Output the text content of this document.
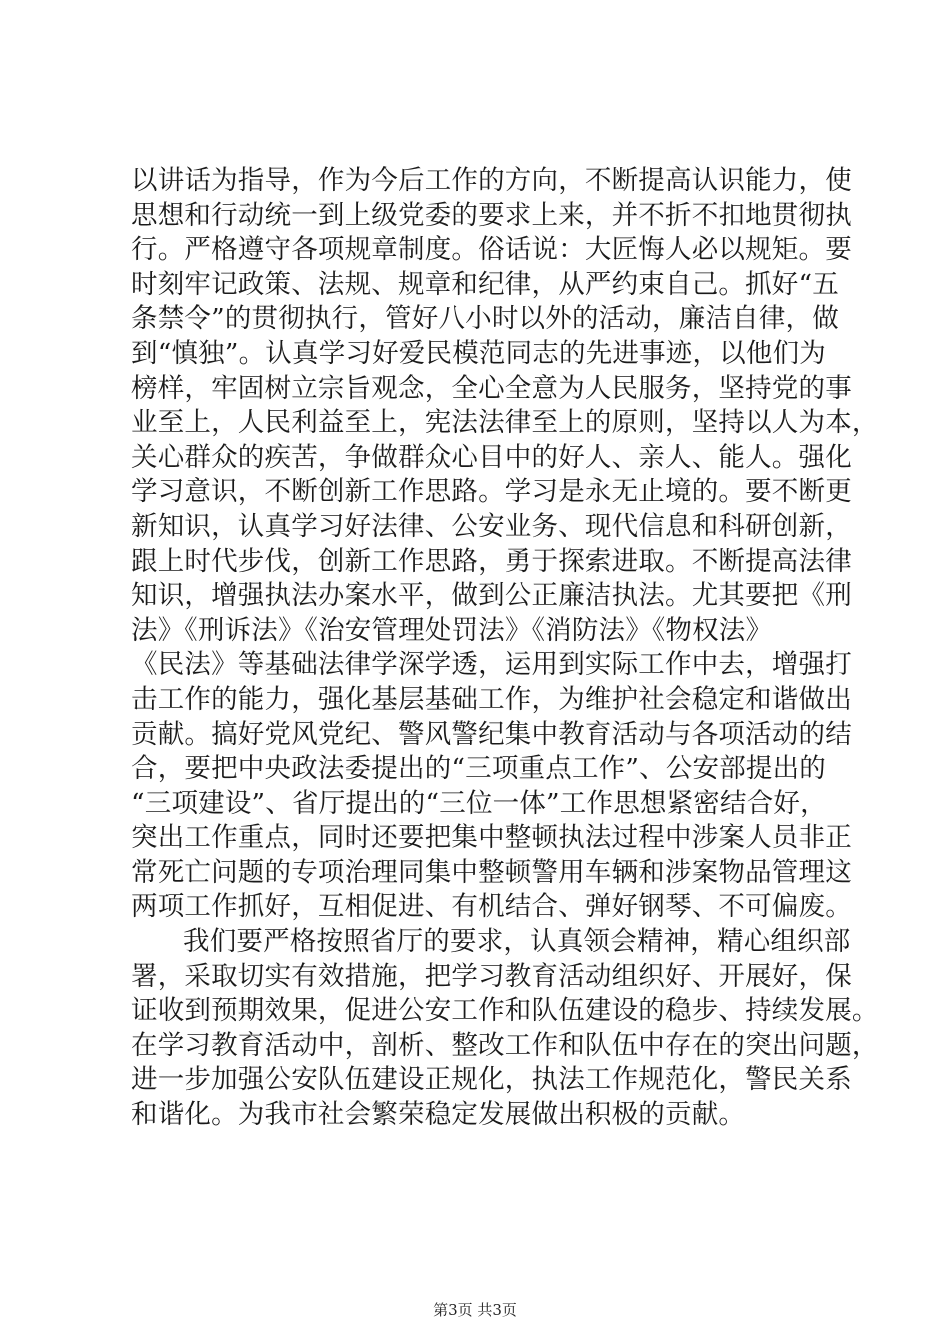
以讲话为指导，作为今后工作的方向，不断提高认识能力，使
思想和行动统一到上级党委的要求上来，并不折不扣地贯彻执
行。严格遵守各项规章制度。俗话说：大匠悔人必以规矩。要
时刻牢记政策、法规、规章和纪律，从严约束自己。抓好“五
条禁令”的贯彻执行，管好八小时以外的活动，廉洁自律，做
到“慎独”。认真学习好爱民模范同志的先进事迹，以他们为
榜样，牢固树立宗旨观念，全心全意为人民服务，坚持党的事
业至上，人民利益至上，宪法法律至上的原则，坚持以人为本，
关心群众的疾苦，争做群众心目中的好人、亲人、能人。强化
学习意识，不断创新工作思路。学习是永无止境的。要不断更
新知识，认真学习好法律、公安业务、现代信息和科研创新，
跟上时代步伐，创新工作思路，勇于探索进取。不断提高法律
知识，增强执法办案水平，做到公正廉洁执法。尤其要把《刑
法》《刑诉法》《治安管理处罚法》《消防法》《物权法》
《民法》等基础法律学深学透，运用到实际工作中去，增强打
击工作的能力，强化基层基础工作，为维护社会稳定和谐做出
贡献。搞好党风党纪、警风警纪集中教育活动与各项活动的结
合，要把中央政法委提出的“三项重点工作”、公安部提出的
“三项建设”、省厅提出的“三位一体”工作思想紧密结合好，
突出工作重点，同时还要把集中整顿执法过程中涉案人员非正
常死亡问题的专项治理同集中整顿警用车辆和涉案物品管理这
两项工作抓好，互相促进、有机结合、弹好钢琴、不可偏废。
我们要严格按照省厅的要求，认真领会精神，精心组织部
署，采取切实有效措施，把学习教育活动组织好、开展好，保
证收到预期效果，促进公安工作和队伍建设的稳步、持续发展。
在学习教育活动中，剖析、整改工作和队伍中存在的突出问题，
进一步加强公安队伍建设正规化，执法工作规范化，警民关系
和谐化。为我市社会繁荣稳定发展做出积极的贡献。
第3页 共3页
